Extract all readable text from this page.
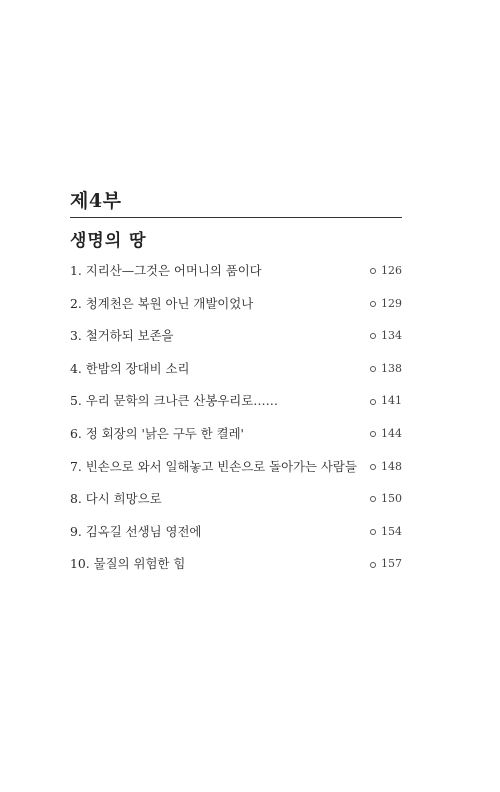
제4부
생명의 땅
1. 지리산—그것은 어머니의 품이다	126
2. 청계천은 복원 아닌 개발이었나	129
3. 철거하되 보존을	134
4. 한밤의 장대비 소리	138
5. 우리 문학의 크나큰 산봉우리로……	141
6. 정 회장의 '낡은 구두 한 켤레'	144
7. 빈손으로 와서 일해놓고 빈손으로 돌아가는 사람들 148
8. 다시 희망으로	150
9. 김옥길 선생님 영전에	154
10. 물질의 위험한 힘	157
